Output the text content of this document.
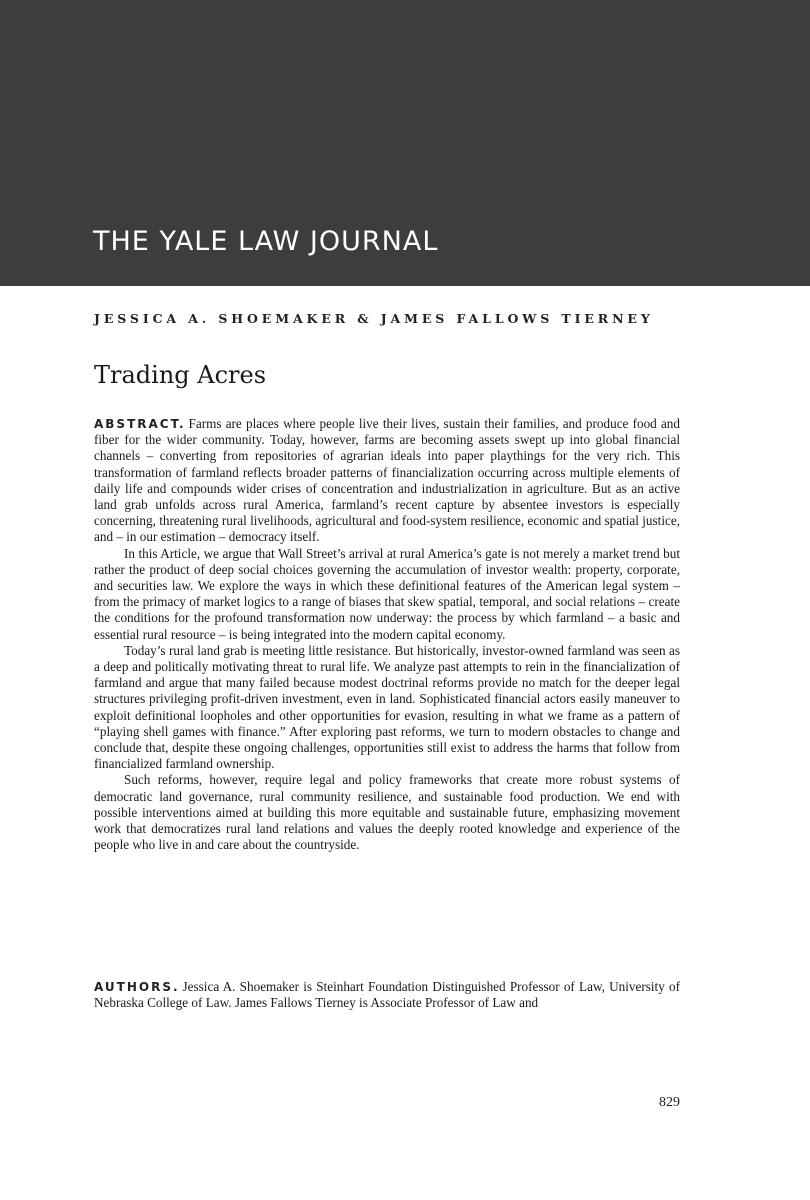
THE YALE LAW JOURNAL
JESSICA A. SHOEMAKER & JAMES FALLOWS TIERNEY
Trading Acres

ABSTRACT. Farms are places where people live their lives, sustain their families, and produce food and fiber for the wider community. Today, however, farms are becoming assets swept up into global financial channels – converting from repositories of agrarian ideals into paper playthings for the very rich. This transformation of farmland reflects broader patterns of financialization occurring across multiple elements of daily life and compounds wider crises of concentration and industrialization in agriculture. But as an active land grab unfolds across rural America, farmland’s recent capture by absentee investors is especially concerning, threatening rural livelihoods, agricultural and food-system resilience, economic and spatial justice, and – in our estimation – democracy itself.

In this Article, we argue that Wall Street’s arrival at rural America’s gate is not merely a market trend but rather the product of deep social choices governing the accumulation of investor wealth: property, corporate, and securities law. We explore the ways in which these definitional features of the American legal system – from the primacy of market logics to a range of biases that skew spatial, temporal, and social relations – create the conditions for the profound transformation now underway: the process by which farmland – a basic and essential rural resource – is being integrated into the modern capital economy.

Today’s rural land grab is meeting little resistance. But historically, investor-owned farmland was seen as a deep and politically motivating threat to rural life. We analyze past attempts to rein in the financialization of farmland and argue that many failed because modest doctrinal reforms provide no match for the deeper legal structures privileging profit-driven investment, even in land. Sophisticated financial actors easily maneuver to exploit definitional loopholes and other opportunities for evasion, resulting in what we frame as a pattern of “playing shell games with finance.” After exploring past reforms, we turn to modern obstacles to change and conclude that, despite these ongoing challenges, opportunities still exist to address the harms that follow from financialized farmland ownership.

Such reforms, however, require legal and policy frameworks that create more robust systems of democratic land governance, rural community resilience, and sustainable food production. We end with possible interventions aimed at building this more equitable and sustainable future, emphasizing movement work that democratizes rural land relations and values the deeply rooted knowledge and experience of the people who live in and care about the countryside.

AUTHORS. Jessica A. Shoemaker is Steinhart Foundation Distinguished Professor of Law, University of Nebraska College of Law. James Fallows Tierney is Associate Professor of Law and

829
